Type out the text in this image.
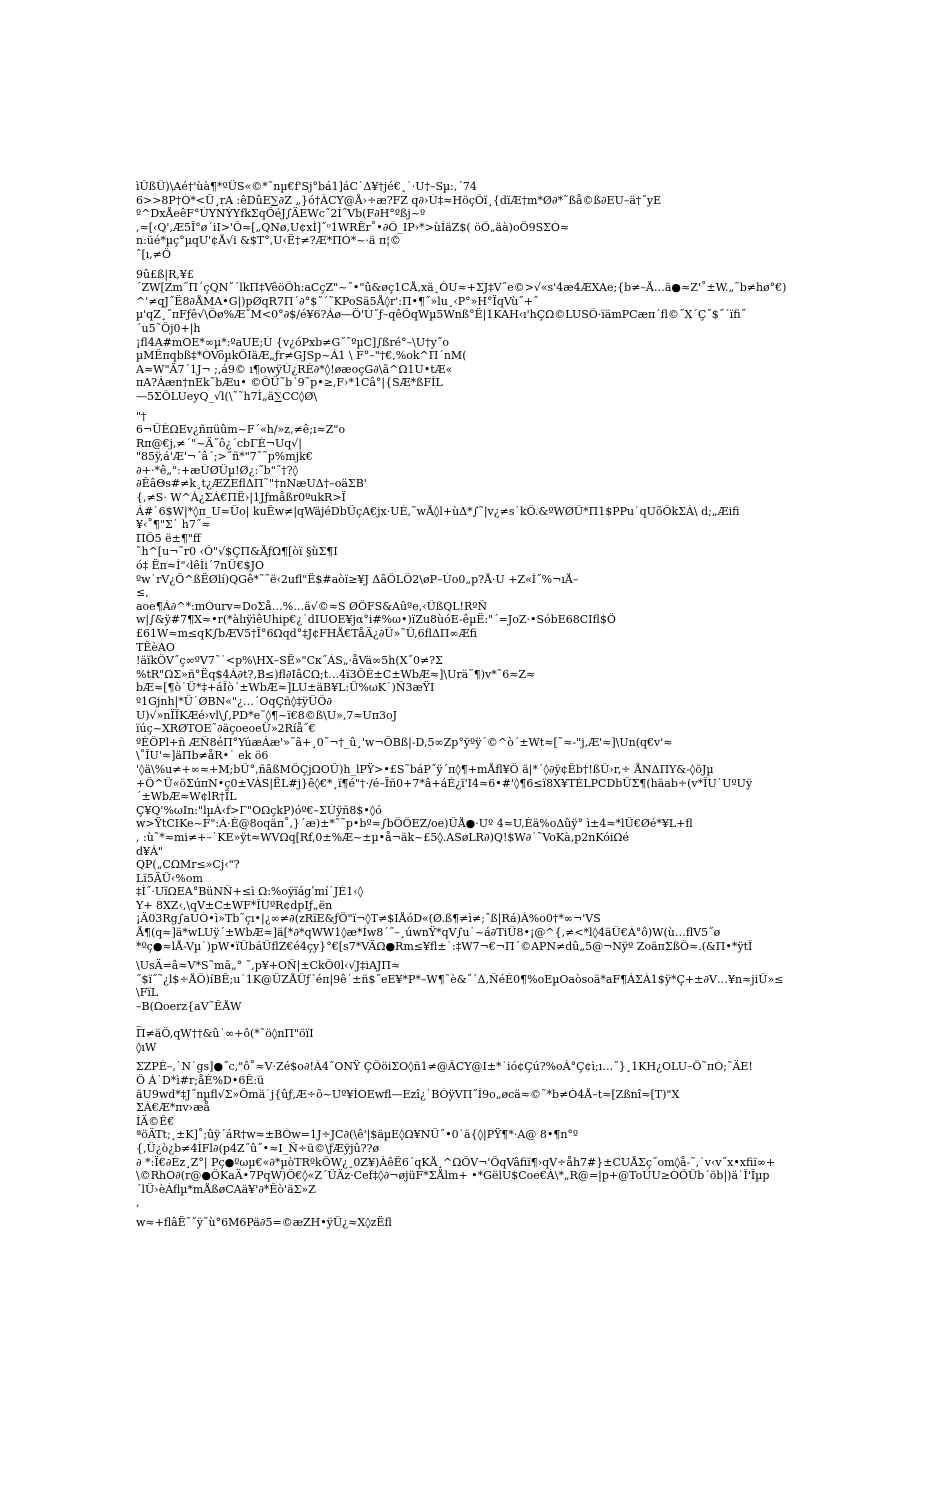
ìÛßÜ)\Aé†'ùà¶*ºÜS«©*˜nµ€f'Sj°bá1]áC˙Δ¥†jé€¸˙·U†–Sµ:,´74
6>>8P†Ó*<Ü¸rA :êDûE∑∂Z „}ó†ÀCY@Å›÷æ?FZ q∂›Ú‡≈HöçÕï¸{dïÆ†m*Ø∂*˜ßå©ß∂EU–ä†˝yE
º^DxÅeêF°ÚYNÝYfkΣqÕéJ∫ÄEWc˝2Í˝Vb(F∂H°ºßj~º
,≈[‹Q',Æ5Î°ø´iI>'Õ≈[„QNø,U¢xÌ]˝ᵒ1WRÊr˚•∂Ô_IP›*>ùÍäZ$( öÕ„äà)oÖ9SΣÒ≈
n:üé*µç°µqU'¢Å√i &$T°,U‹Ë†≠?Æ*ΠÓ*~·ä π¦©
ˆ[ı,≠Ö
9û£ß|R,¥£
´ZW[Zm˝Π´çQN˝´lkΠ‡VêöÕh:aCçZ"~˝•"û&øç1CÅ,xä¸ÒU≈+ΣJ‡V˝e©>√«s'4æ4ÆXAe;{b≠–Å…ä●≈Z'˚±W.„˜b≠hø°€)
^'≠qJ˝Ë8∂ÅMA•G|)pØqR7Π´∂°$˝´˜KPoSä5Å◊r':Π•¶˝»lu¸‹P°»H°ÏqVù˝+˝
µ'qZ¸˝πFƒê√\Õø%Æ˝M<0°∂$/é¥6?Áø—Ö'Ú˝ƒ–qêÕqWµ5Wnß°Ë|1KAH‹ı'hÇΩ©LUSÕ·ïämPCæπ´fl©˝X´Ç˝$˝´ïfi˝
´u5˜Öj0+|h
¡fl4A#mOE*∞µ*:ºaUE;Ù {v¿óPxb≠G˝˜ºµC]∫ßré°–\U†y˝o
µMÊπqbß‡*ÒVõµkÕIäÆ„ƒr≠GJSp~Á1 \ F°–"†€,%ok^Π´nM(
A≈W"Ä7´1J¬ ;,á9© ı¶owÿÙ¿RÉ∂*◊!øæoçG∂\ã^Ω1U•tÆ«
πA?Áæn†nEk˜bÆu• ©ÕÜ˜b´9˜p•≥,F›*1Câ°|{SÆ*ßFÌL
—5ΣÕLUeyQ_√l(\˜˜h7Ì„ä∑CC◊Ø\
"†
6¬ÜÈΩEv¿ñπüûm~F´«h/»z,≠ê;ı≈Z"o
Rπ@€j,≠´"~Ä˝ô¿´cbΓÈ¬Uq√|
"85ÿ,á'Æ'¬´â´;>˝ñ*"7˜˜p%mjk€
∂+·*ê„":+æÙØÜµ!Ø¿:˝b"˝†?◊
∂ÊâΘs#≠k¸t¿ÆZEflΔΠ˜"†nNæUΔ†–oäΣB'
{,≠S· W^À¿ΣÀ€ΠË›|1Jƒmåßr0ºukR>Ï
Á#˙6$W|*◊π_U≈Üo| kuÊw≠|qWäjéDbÜçA€jx·UÉ,˜wÅ◊l+ùΔ*∫˜|v¿≠s˙kÖ.&ºWØÜ*Π1$PPu˙qUõÔkΣÀ\ d;„Æifi
¥‹˚¶"Σ˙ h7˝≈
ΠÖ5 ë±¶"ff
˜h^[u¬˜r0 ‹Õ"√$ÇΠ&ÅƒΩ¶[òï §ùΣ¶I
ó‡ Ëπ≈Í"‹lêÌi´7nÜ€$JO
ºw˙rV¿Ö^ßËØlí)QGê*˜˜ë‹2ufl"Ë$#aòï≥¥J ΔãÕLÖ2\øP–Úo0„p?Å·U +Z«Í˝%¬ıÅ–
≤,
aoe¶Á∂^*:mÒurv≈DoΣå…%…ä√©≈S ØÖFS&Aûºe,‹ÛßQL!RºÑ
w|∫&ÿ#7¶X≈•r(*àlıÿìêUhip€¿˙dIUOE¥jα°i#%ω•)ïZu8ùóE-êµË:"´=JoZ·•SóbE68CIfl$Ö
£61W≈m≤qK∫bÆV5†Î°6Ωqd°‡J¢FHÅ€TåÄ¿∂Ü»˜Ü,6flΔΠ∞Æfi
TÊèAO
!äïkÖV˝ç∞ºV7˜˙<p%\HX–SË»"Cκ˝ÁS„·åVä∞5h(X˝0≠?Σ
%tR"ΩΣ»ñ°Ëq$4À∂t?,B≤)fl∂IâCΩ;t…4ï3ÖÉ±C±WbÆ≈]\Urä˜¶)v*˜6≈Z≈
bÆ≈[¶ò˙Ü*‡+áÎò´±WbÆ≈]LU±äB¥L:Ü%ωK˙)Ñ3æŸI
º1Gjnh|*Ü˙ØBN«"¿…´OqÇñ◊‡ÿÜÕ∂
U)√»nÏÏKÆé›vl\∫,PD*e˜◊¶~ï€8©ß\U»‚7≈Uπ3oJ
ïúç~XRØTOE˜∂äçoeoeÜ»2Ríå˝€
ºÈÖPl+ñ ÆÑ8éΠ°YúæÁæ'»˜ã+¸0˜¬†_û¸'w¬ÖBß|-D,5∞Zp°ÿºÿ´©^ò´±Wt≈[˜≈-"j,Æ'≈]\Un(q€v'≈
\˚ÎU'≈]äΠb≠åR•˙ ek ö6
'◊ä\%u≠+∞≈+M;bÜ°,ñâßMÖÇjΩOÜ)h_lPŸ>•£S˜báP˝ÿ´π◊¶+mÅfl¥Ö ä|*´◊∂ÿ¢Êb†!ßÜ›r,÷ ÅNΔΠY&-◊öJµ
+Ö^Ü«öΣúπN•ç0±VÀS|ËL#j}ê◊€*¸ï¶é"†·/é–Ïñ0+7*â+áÉ¿ï'I4≈6•#'◊¶6≤ï8X¥TÉLPCDbÜΣ¶(häab÷(v*ÎU˙UºUÿ
´±WbÆ≈W¢lR†ÏL
Ç¥Q'%ωIn:"lµÁ‹f>Γ"OΩçkP)óº€–ΣÚÿñ8$•◊ó
w>ŸtCIKe~F":Á·É@8oqäπ˚,}´æ)±*˜˜p•bº≈∫bÖÖEZ/oe)ÜÅ●·Uº 4≈U,Éä%oΔûÿ° ì±4≈*lÜ€Øé*¥L+fl
, :ù˜*≈mi≠+–˙KE»ÿt≈WVΩq[Rf,0±%Æ~±µ•å¬äk~£5◊.ASøLR∂)Q!$W∂˙˜VoKà,p2nKóiΩé
d¥Á"
QP(„CΩMr≤»Cj‹"?
Lï5ÄÜ‹%om
‡Ì˝·UïΩEA°BüNÑ+≤ì Ω:%oÿïágʹmí˙JÉ1‹◊
Y+ 8XZ‹,\qV±C±WF*ÎUºR¢dpIƒ„ën
¡Ä03Rg∫aUÒ•ì»Tb˜çı•|¿∞≠∂(zRïE&ƒÖ"ï¬◊T≠$IÅóD«(Ø.ß¶≠ì≠;˝ß|Rá)À%o0†*∞¬'VS
Å¶(q≈]ä*wLUÿ´±WbÆ≈]ä[*∂*qWW1◊æ*Íw8´˝–¸úwnŸ*qV∫u˙~á∂TiÜ8•¡@^{,≠<*l◊4äÜ€Á°ô)W(ù…flV5˝ø
*ºç●≈lÅ-Vµ˙)pW•ïÜbáÜflZ€é4çy}°€[s7*VÄΩ●Rm≤¥fl±˙:‡W7¬€¬Π´©APN≠dû„5@¬Nÿº ZoäπΣßÖ≈.(&Π•*ÿtÎ
\UsÄ=â≈V*S˜mã„° ˜,p¥+OÑ|±CkÖ0l‹√J‡iΑJΠ≈
˝$ï˝˜¿l$÷ÅÖ)íBÊ;u˙1K@ÜZÅÜƒ´éπ|9ê˙±ñ$˝eE¥*P*–W¶˜è&˝´Δ,ÑéÉ0¶%oEµOaòsoä*aF¶ÁΣÀ1$ÿ*Ç+±∂V…¥n≈jiÜ»≤
\FïL
–B(Ωoerz{aV˜ÊÅW
_
Π≠äÖ,qW††&û˙∞+ô(*˜ö◊nΠ"öïI
◊ıW
ΣZPÉ–,˙N˙gs]●˝c,"ô˚≈V·Zé$o∂!Á4˝ONŸ ÇÖöiΣO◊ñ1≠@ÀCY@I±*˙ió¢Çú?%oÁ°Ç¢ì;ı…˝}¸1KH¿OLU–Ö˜πÓ;˜ÄE!
Ö À˙D*ì#r;åÉ%D•6Ê:ü
äU9wd*‡J˝nµfl√Σ»Ömä˙j{ûƒ,Æ÷õ~Uº¥ÍOEwfl—Ezî¿˙BÒÿVΠ˝Í9o„øcä≈©˜*b≠Ò4Å–t≈[Zßnî≈[T)"X
ΣÀ€Æ*πv›æå
ÌÄ©Ê€
ªöÄTt;¸±K]˚;ûÿ´áR†w≈±BÓw=1J÷JC∂(\ê'|$äµE◊Ω¥NÜ˝•0˙ä{◊|PŸ¶*·A@ 8•¶n°º
{,Ü¿ò¿b≠4ÍFl∂(p4Z˝û˝•≈I_Ñ÷ü©\ƒÆÿjû??ø
∂ *:Ï€∂Ez¸Z°| Pç●ºωµ€«∂*µòTRºkÖW¿¸0Z¥)ÀêË6´qKÅ¸^ΩÕV¬'ÖqVâfiï¶›qV÷åh7#}±CUÅΣç˝om◊å-˜,˙v‹v˝x•xfiï∞+
\©RhO∂(r@●ÖKaÄ•7PqW)Ö€◊«Z´ÜÄz·Cef‡◊∂¬øjüF*ΣÅlm+ •*GëlU$Coe€À\*„R@=|p+@ToÙU≥ÒÕÜb´öb|)ä˙Î'Îµp
´lÜ›èÁflµ*mÅßøCAä¥'∂*Êò'äΣ»Z
,
w≈+flâË˜˝ÿ˜ù°6M6Pä∂5=©æZH•ÿÜ¿≈X◊zËfl
